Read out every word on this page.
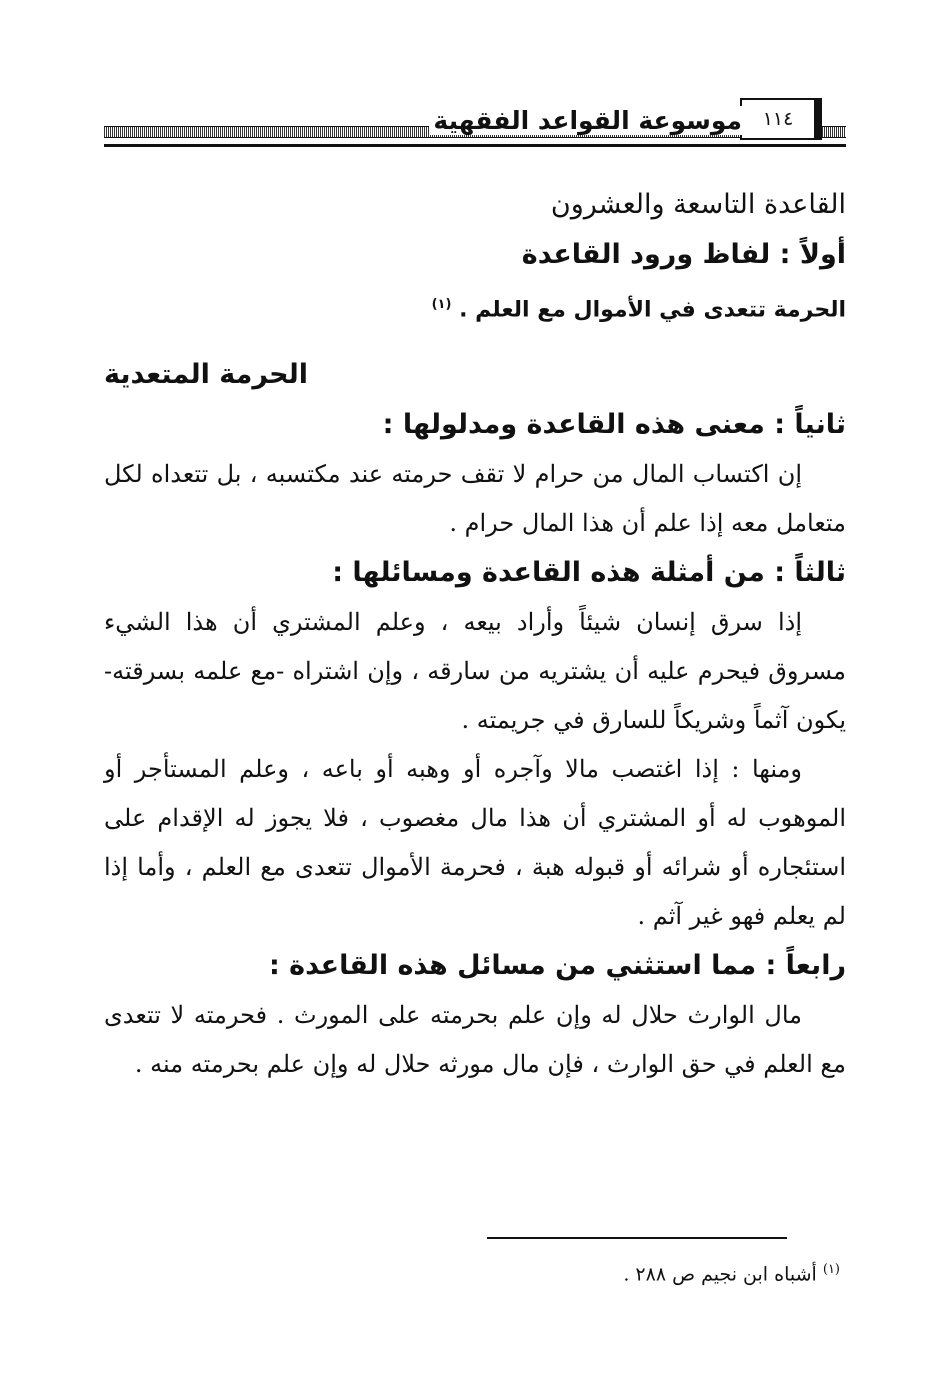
١١٤
موسوعة القواعد الفقهية
القاعدة التاسعة والعشرون
أولاً : لفاظ ورود القاعدة
الحرمة تتعدى في الأموال مع العلم . $^{(١)}$
الحرمة المتعدية
ثانياً : معنى هذه القاعدة ومدلولها :
إن اكتساب المال من حرام لا تقف حرمته عند مكتسبه ، بل تتعداه لكل متعامل معه إذا علم أن هذا المال حرام .
ثالثاً : من أمثلة هذه القاعدة ومسائلها :
إذا سرق إنسان شيئاً وأراد بيعه ، وعلم المشتري أن هذا الشيء مسروق فيحرم عليه أن يشتريه من سارقه ، وإن اشتراه -مع علمه بسرقته- يكون آثماً وشريكاً للسارق في جريمته .
ومنها : إذا اغتصب مالا وآجره أو وهبه أو باعه ، وعلم المستأجر أو الموهوب له أو المشتري أن هذا مال مغصوب ، فلا يجوز له الإقدام على استئجاره أو شرائه أو قبوله هبة ، فحرمة الأموال تتعدى مع العلم ، وأما إذا لم يعلم فهو غير آثم .
رابعاً : مما استثني من مسائل هذه القاعدة :
مال الوارث حلال له وإن علم بحرمته على المورث . فحرمته لا تتعدى مع العلم في حق الوارث ، فإن مال مورثه حلال له وإن علم بحرمته منه .
$^{(١)}$ أشباه ابن نجيم ص ٢٨٨ .
